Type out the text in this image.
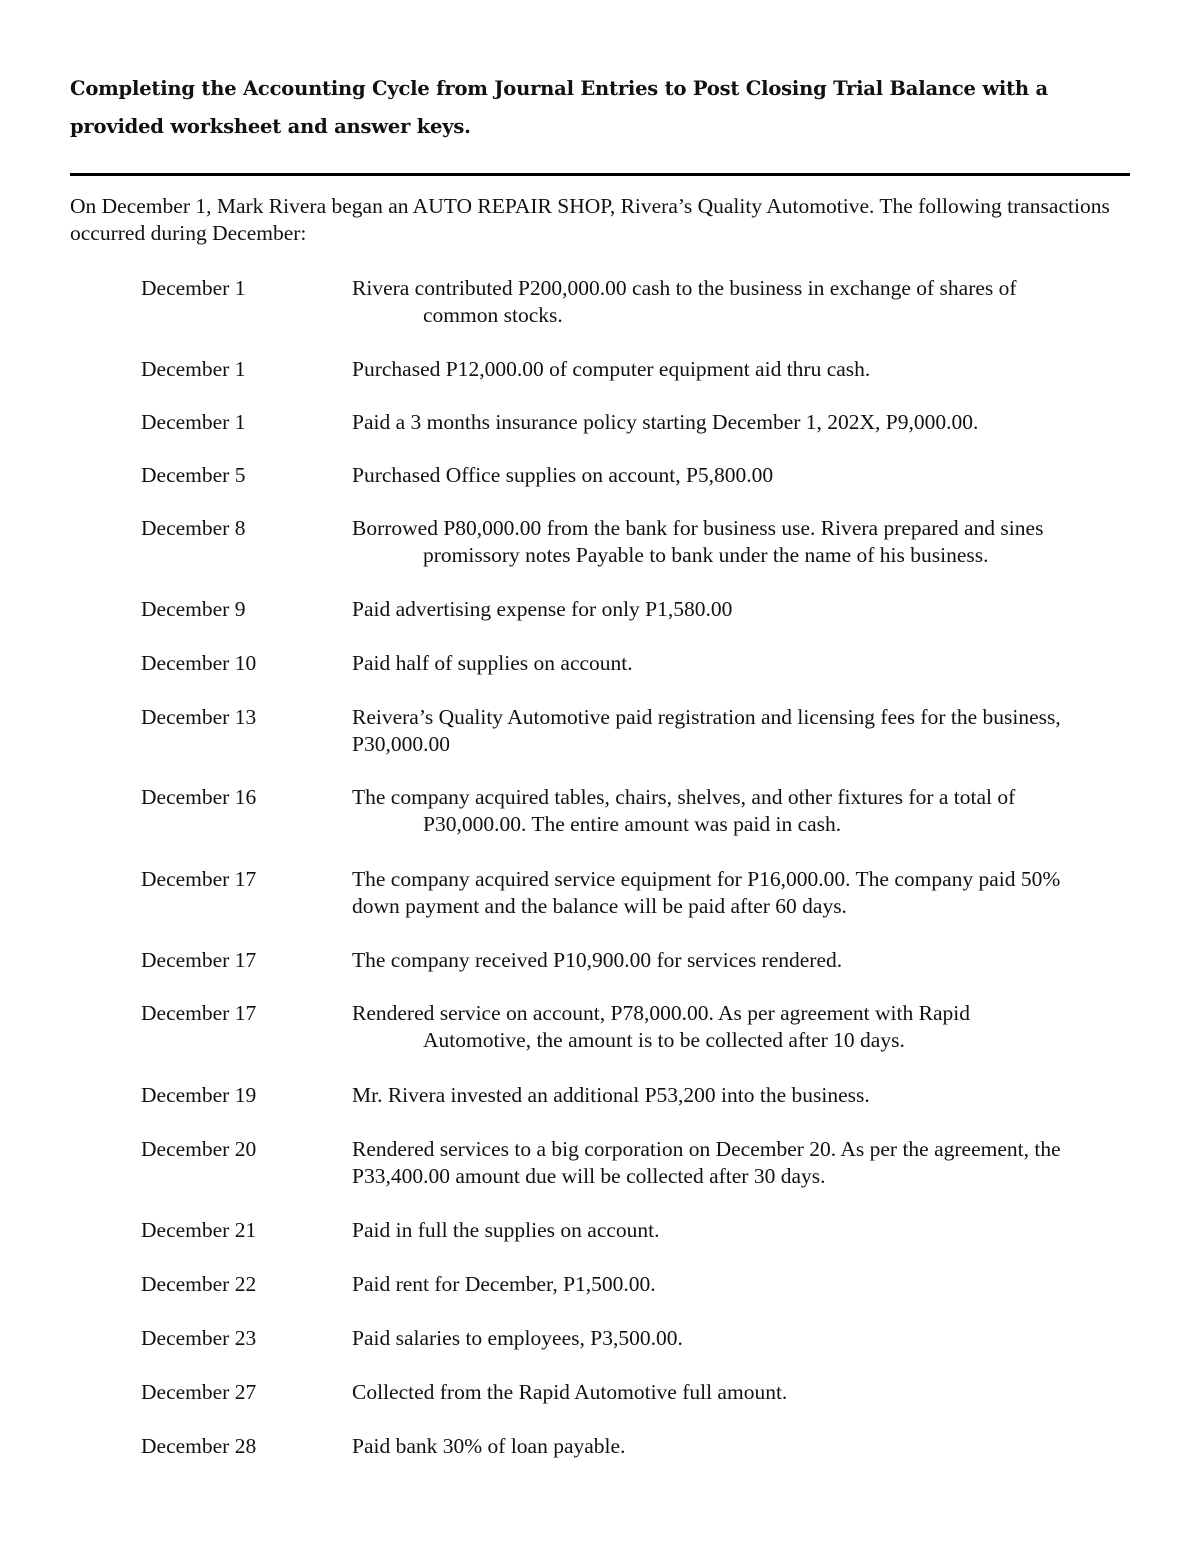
Completing the Accounting Cycle from Journal Entries to Post Closing Trial Balance with a provided worksheet and answer keys.
On December 1, Mark Rivera began an AUTO REPAIR SHOP, Rivera’s Quality Automotive. The following transactions occurred during December:
December 1	Rivera contributed P200,000.00 cash to the business in exchange of shares of
common stocks.
December 1	Purchased P12,000.00 of computer equipment aid thru cash.
December 1	Paid a 3 months insurance policy starting December 1, 202X, P9,000.00.
December 5	Purchased Office supplies on account, P5,800.00
December 8	Borrowed P80,000.00 from the bank for business use. Rivera prepared and sines
promissory notes Payable to bank under the name of his business.
December 9	Paid advertising expense for only P1,580.00
December 10	Paid half of supplies on account.
December 13	Reivera’s Quality Automotive paid registration and licensing fees for the business,
P30,000.00
December 16	The company acquired tables, chairs, shelves, and other fixtures for a total of
P30,000.00. The entire amount was paid in cash.
December 17	The company acquired service equipment for P16,000.00. The company paid 50%
down payment and the balance will be paid after 60 days.
December 17	The company received P10,900.00 for services rendered.
December 17	Rendered service on account, P78,000.00. As per agreement with Rapid
Automotive, the amount is to be collected after 10 days.
December 19	Mr. Rivera invested an additional P53,200 into the business.
December 20	Rendered services to a big corporation on December 20. As per the agreement, the
P33,400.00 amount due will be collected after 30 days.
December 21	Paid in full the supplies on account.
December 22	Paid rent for December, P1,500.00.
December 23	Paid salaries to employees, P3,500.00.
December 27	Collected from the Rapid Automotive full amount.
December 28	Paid bank 30% of loan payable.
